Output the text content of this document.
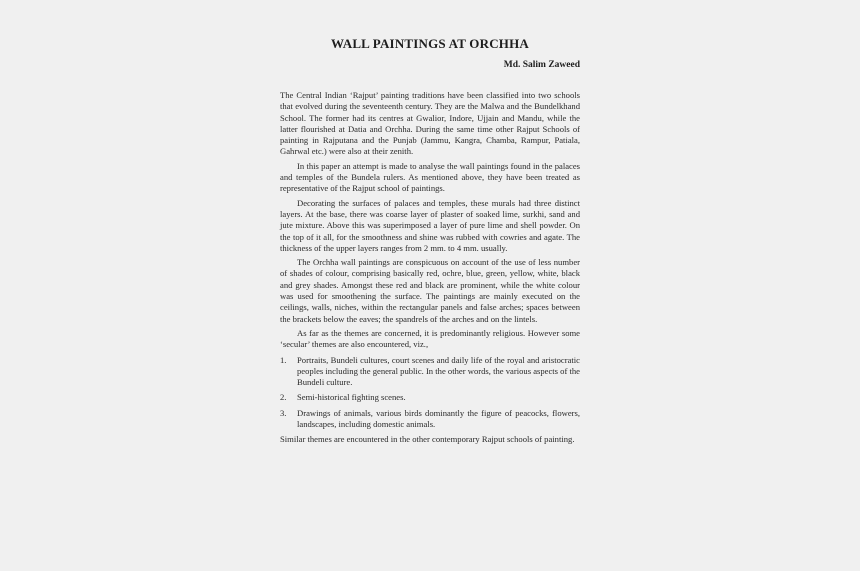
WALL PAINTINGS AT ORCHHA
Md. Salim Zaweed

The Central Indian ‘Rajput’ painting traditions have been classified into two schools that evolved during the seventeenth century. They are the Malwa and the Bundelkhand School. The former had its centres at Gwalior, Indore, Ujjain and Mandu, while the latter flourished at Datia and Orchha. During the same time other Rajput Schools of painting in Rajputana and the Punjab (Jammu, Kangra, Chamba, Rampur, Patiala, Gahrwal etc.) were also at their zenith.

In this paper an attempt is made to analyse the wall paintings found in the palaces and temples of the Bundela rulers. As mentioned above, they have been treated as representative of the Rajput school of paintings.

Decorating the surfaces of palaces and temples, these murals had three distinct layers. At the base, there was coarse layer of plaster of soaked lime, surkhi, sand and jute mixture. Above this was superimposed a layer of pure lime and shell powder. On the top of it all, for the smoothness and shine was rubbed with cowries and agate. The thickness of the upper layers ranges from 2 mm. to 4 mm. usually.

The Orchha wall paintings are conspicuous on account of the use of less number of shades of colour, comprising basically red, ochre, blue, green, yellow, white, black and grey shades. Amongst these red and black are prominent, while the white colour was used for smoothening the surface. The paintings are mainly executed on the ceilings, walls, niches, within the rectangular panels and false arches; spaces between the brackets below the eaves; the spandrels of the arches and on the lintels.

As far as the themes are concerned, it is predominantly religious. However some ‘secular’ themes are also encountered, viz.,

1.	Portraits, Bundeli cultures, court scenes and daily life of the royal and aristocratic peoples including the general public. In the other words, the various aspects of the Bundeli culture.
2.	Semi-historical fighting scenes.
3.	Drawings of animals, various birds dominantly the figure of peacocks, flowers, landscapes, including domestic animals.

Similar themes are encountered in the other contemporary Rajput schools of painting.
